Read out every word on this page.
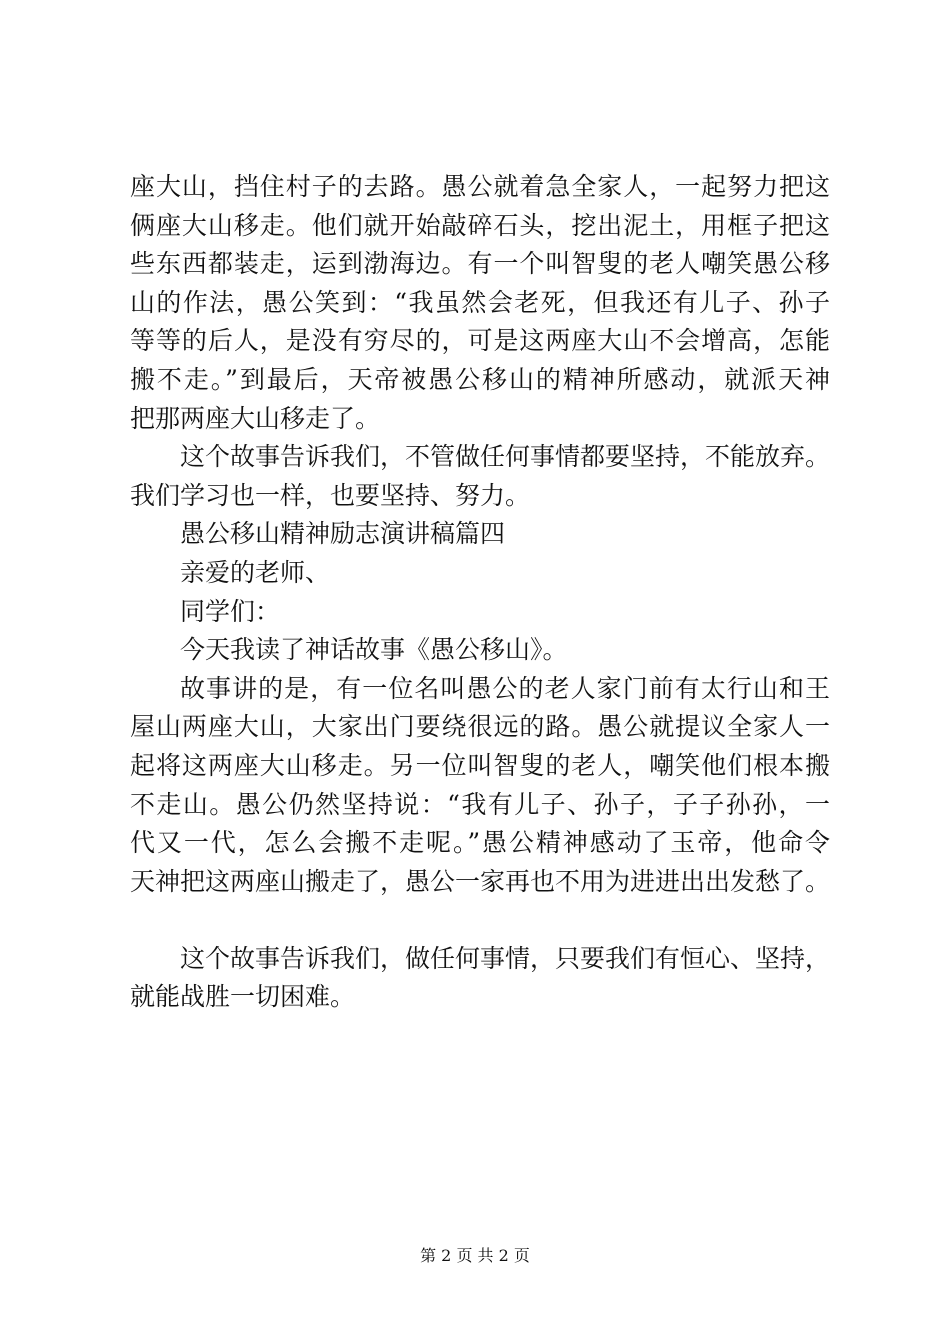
座大山，挡住村子的去路。愚公就着急全家人，一起努力把这
俩座大山移走。他们就开始敲碎石头，挖出泥土，用框子把这
些东西都装走，运到渤海边。有一个叫智叟的老人嘲笑愚公移
山的作法，愚公笑到：“我虽然会老死，但我还有儿子、孙子
等等的后人，是没有穷尽的，可是这两座大山不会增高，怎能
搬不走。”到最后，天帝被愚公移山的精神所感动，就派天神
把那两座大山移走了。
这个故事告诉我们，不管做任何事情都要坚持，不能放弃。
我们学习也一样，也要坚持、努力。
愚公移山精神励志演讲稿篇四
亲爱的老师、
同学们：
今天我读了神话故事《愚公移山》。
故事讲的是，有一位名叫愚公的老人家门前有太行山和王
屋山两座大山，大家出门要绕很远的路。愚公就提议全家人一
起将这两座大山移走。另一位叫智叟的老人，嘲笑他们根本搬
不走山。愚公仍然坚持说：“我有儿子、孙子，子子孙孙，一
代又一代，怎么会搬不走呢。”愚公精神感动了玉帝，他命令
天神把这两座山搬走了，愚公一家再也不用为进进出出发愁了。
这个故事告诉我们，做任何事情，只要我们有恒心、坚持，
就能战胜一切困难。
第 2 页 共 2 页
